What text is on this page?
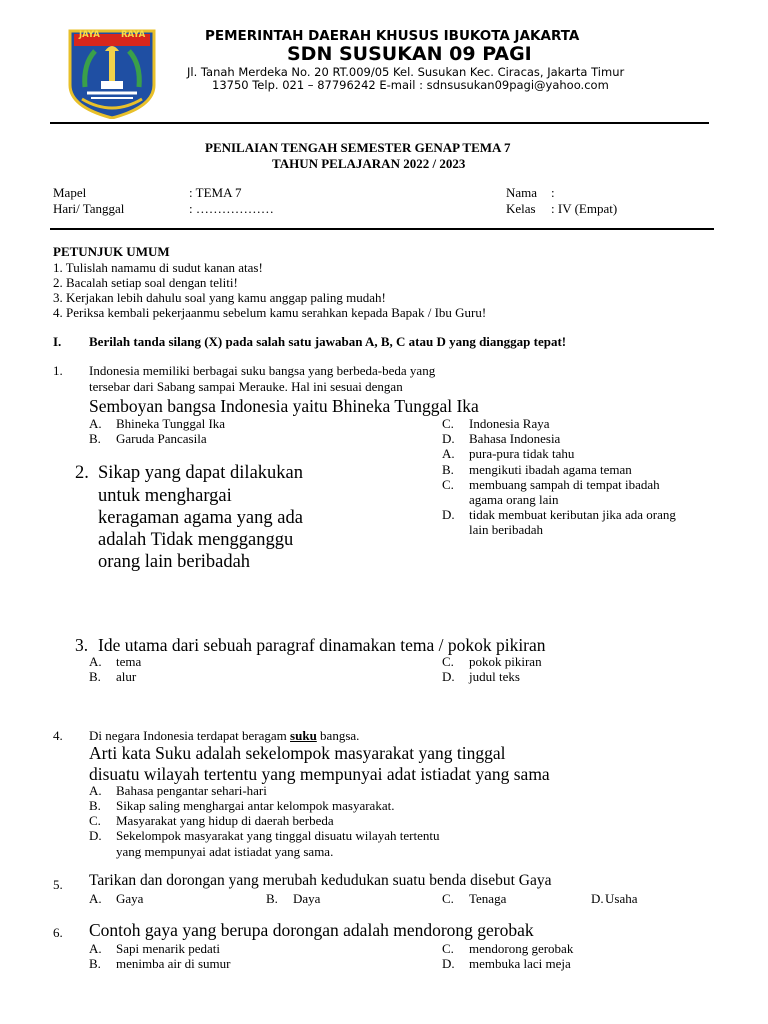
JAYA RAYA	PEMERINTAH DAERAH KHUSUS IBUKOTA JAKARTA
SDN SUSUKAN 09 PAGI
Jl. Tanah Merdeka No. 20 RT.009/05 Kel. Susukan Kec. Ciracas, Jakarta Timur
13750 Telp. 021 – 87796242 E-mail : sdnsusukan09pagi@yahoo.com
PENILAIAN TENGAH SEMESTER GENAP TEMA 7
TAHUN PELAJARAN 2022 / 2023
Mapel	: TEMA 7
Hari/ Tanggal	: ………………
Nama :
Kelas : IV (Empat)
PETUNJUK UMUM
1. Tulislah namamu di sudut kanan atas!
2. Bacalah setiap soal dengan teliti!
3. Kerjakan lebih dahulu soal yang kamu anggap paling mudah!
4. Periksa kembali pekerjaanmu sebelum kamu serahkan kepada Bapak / Ibu Guru!
I. Berilah tanda silang (X) pada salah satu jawaban A, B, C atau D yang dianggap tepat!
1. Indonesia memiliki berbagai suku bangsa yang berbeda-beda yang
tersebar dari Sabang sampai Merauke. Hal ini sesuai dengan
Semboyan bangsa Indonesia yaitu Bhineka Tunggal Ika
A. Bhineka Tunggal Ika
B. Garuda Pancasila
C. Indonesia Raya
D. Bahasa Indonesia
2. Sikap yang dapat dilakukan
untuk menghargai
keragaman agama yang ada
adalah Tidak mengganggu
orang lain beribadah
A. pura-pura tidak tahu
B. mengikuti ibadah agama teman
C. membuang sampah di tempat ibadah
agama orang lain
D. tidak membuat keributan jika ada orang
lain beribadah
3. Ide utama dari sebuah paragraf dinamakan tema / pokok pikiran
A. tema
B. alur
C. pokok pikiran
D. judul teks
4. Di negara Indonesia terdapat beragam suku bangsa.
Arti kata Suku adalah sekelompok masyarakat yang tinggal
disuatu wilayah tertentu yang mempunyai adat istiadat yang sama
A. Bahasa pengantar sehari-hari
B. Sikap saling menghargai antar kelompok masyarakat.
C. Masyarakat yang hidup di daerah berbeda
D. Sekelompok masyarakat yang tinggal disuatu wilayah tertentu
yang mempunyai adat istiadat yang sama.
5. Tarikan dan dorongan yang merubah kedudukan suatu benda disebut Gaya
A. Gaya	B. Daya	C. Tenaga	D. Usaha
6. Contoh gaya yang berupa dorongan adalah mendorong gerobak
A. Sapi menarik pedati
B. menimba air di sumur
C. mendorong gerobak
D. membuka laci meja
